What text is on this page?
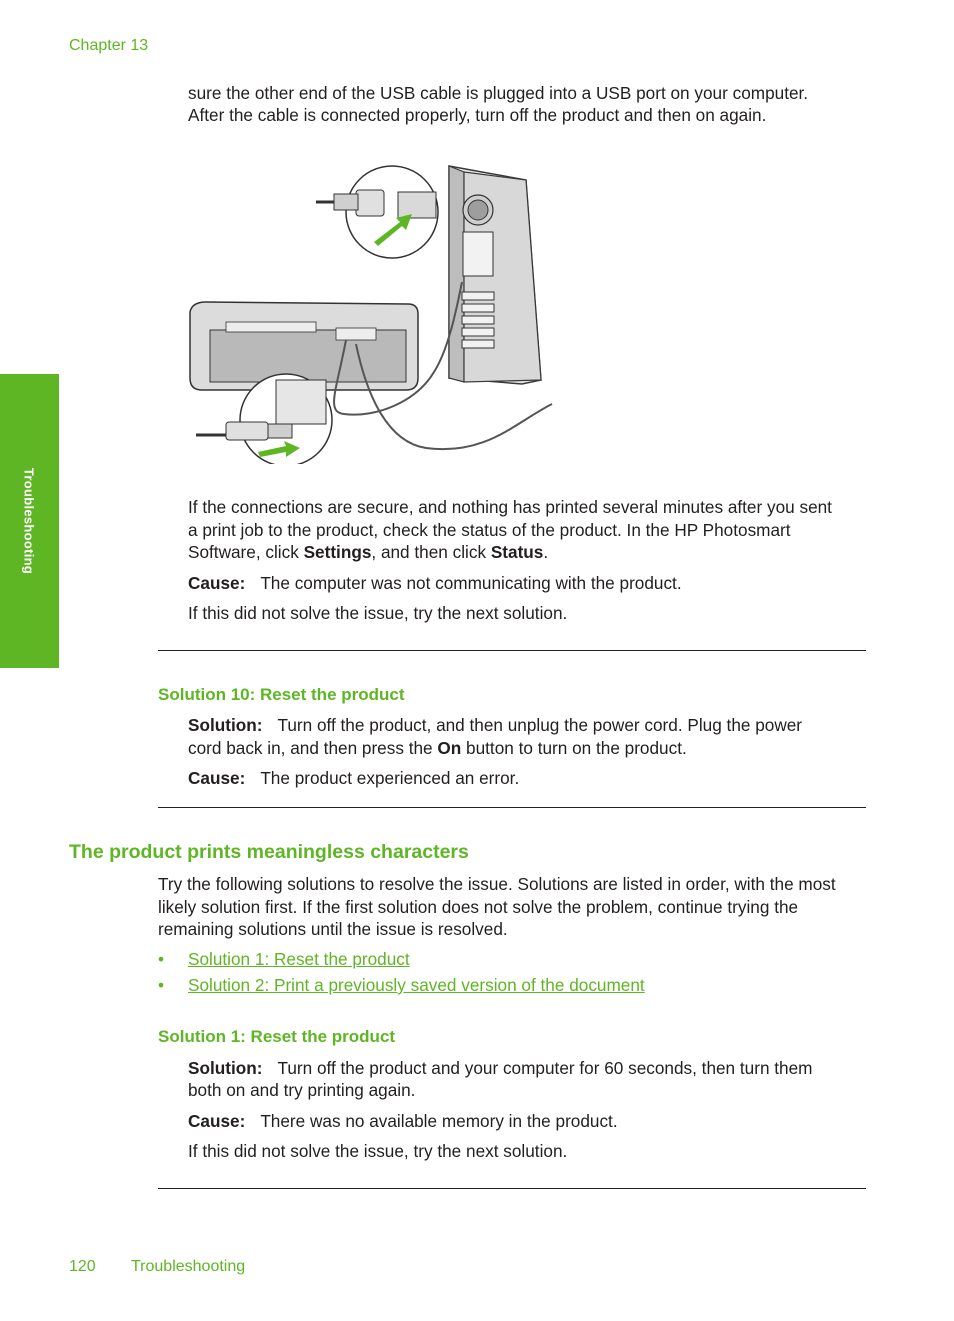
Chapter 13
Troubleshooting

sure the other end of the USB cable is plugged into a USB port on your computer.

After the cable is connected properly, turn off the product and then on again.

If the connections are secure, and nothing has printed several minutes after you sent

a print job to the product, check the status of the product. In the HP Photosmart

Software, click Settings, and then click Status.

Cause: The computer was not communicating with the product.

If this did not solve the issue, try the next solution.

Solution 10: Reset the product

Solution: Turn off the product, and then unplug the power cord. Plug the power

cord back in, and then press the On button to turn on the product.

Cause: The product experienced an error.

The product prints meaningless characters

Try the following solutions to resolve the issue. Solutions are listed in order, with the most

likely solution first. If the first solution does not solve the problem, continue trying the

remaining solutions until the issue is resolved.

• Solution 1: Reset the product
• Solution 2: Print a previously saved version of the document
Solution 1: Reset the product

Solution: Turn off the product and your computer for 60 seconds, then turn them

both on and try printing again.

Cause: There was no available memory in the product.

If this did not solve the issue, try the next solution.

120 Troubleshooting
